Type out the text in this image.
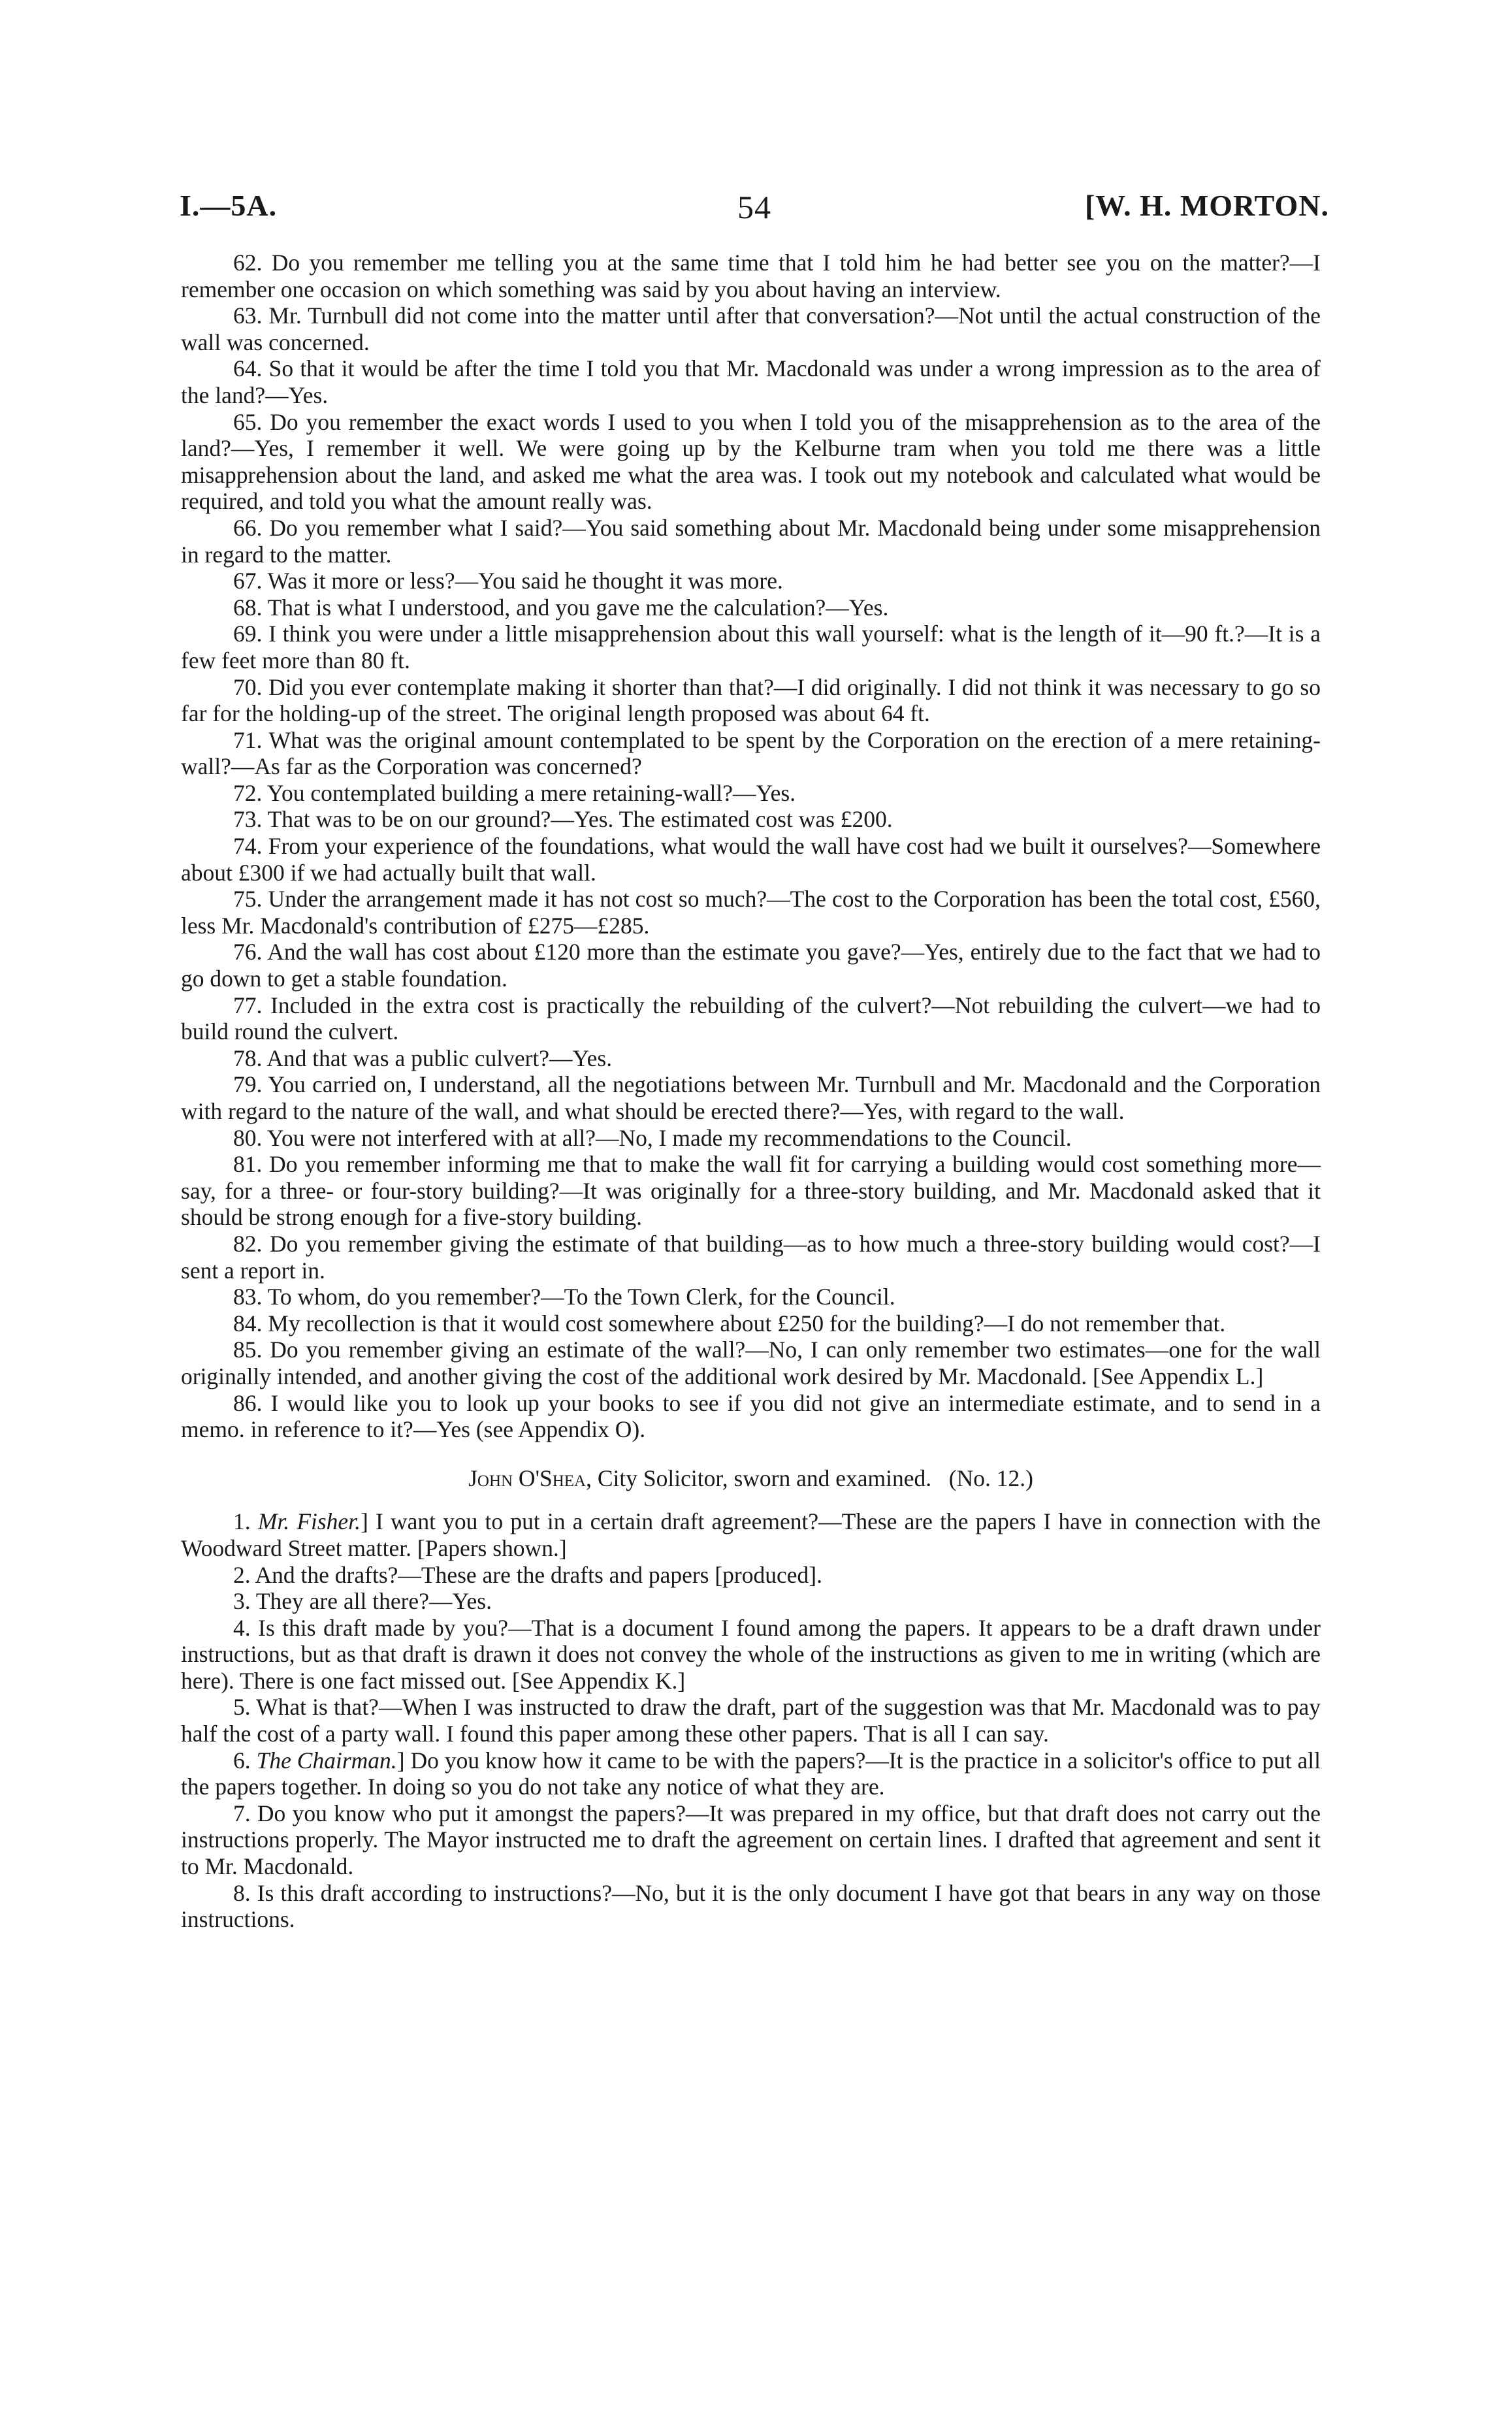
54
I.—5A.	[W. H. MORTON.

62. Do you remember me telling you at the same time that I told him he had better see you on the matter?—I remember one occasion on which something was said by you about having an interview.

63. Mr. Turnbull did not come into the matter until after that conversation?—Not until the actual construction of the wall was concerned.

64. So that it would be after the time I told you that Mr. Macdonald was under a wrong impression as to the area of the land?—Yes.

65. Do you remember the exact words I used to you when I told you of the misapprehension as to the area of the land?—Yes, I remember it well. We were going up by the Kelburne tram when you told me there was a little misapprehension about the land, and asked me what the area was. I took out my notebook and calculated what would be required, and told you what the amount really was.

66. Do you remember what I said?—You said something about Mr. Macdonald being under some misapprehension in regard to the matter.

67. Was it more or less?—You said he thought it was more.

68. That is what I understood, and you gave me the calculation?—Yes.

69. I think you were under a little misapprehension about this wall yourself: what is the length of it—90 ft.?—It is a few feet more than 80 ft.

70. Did you ever contemplate making it shorter than that?—I did originally. I did not think it was necessary to go so far for the holding-up of the street. The original length proposed was about 64 ft.

71. What was the original amount contemplated to be spent by the Corporation on the erection of a mere retaining-wall?—As far as the Corporation was concerned?

72. You contemplated building a mere retaining-wall?—Yes.

73. That was to be on our ground?—Yes. The estimated cost was £200.

74. From your experience of the foundations, what would the wall have cost had we built it ourselves?—Somewhere about £300 if we had actually built that wall.

75. Under the arrangement made it has not cost so much?—The cost to the Corporation has been the total cost, £560, less Mr. Macdonald's contribution of £275—£285.

76. And the wall has cost about £120 more than the estimate you gave?—Yes, entirely due to the fact that we had to go down to get a stable foundation.

77. Included in the extra cost is practically the rebuilding of the culvert?—Not rebuilding the culvert—we had to build round the culvert.

78. And that was a public culvert?—Yes.

79. You carried on, I understand, all the negotiations between Mr. Turnbull and Mr. Macdonald and the Corporation with regard to the nature of the wall, and what should be erected there?—Yes, with regard to the wall.

80. You were not interfered with at all?—No, I made my recommendations to the Council.

81. Do you remember informing me that to make the wall fit for carrying a building would cost something more—say, for a three- or four-story building?—It was originally for a three-story building, and Mr. Macdonald asked that it should be strong enough for a five-story building.

82. Do you remember giving the estimate of that building—as to how much a three-story building would cost?—I sent a report in.

83. To whom, do you remember?—To the Town Clerk, for the Council.

84. My recollection is that it would cost somewhere about £250 for the building?—I do not remember that.

85. Do you remember giving an estimate of the wall?—No, I can only remember two estimates—one for the wall originally intended, and another giving the cost of the additional work desired by Mr. Macdonald. [See Appendix L.]

86. I would like you to look up your books to see if you did not give an intermediate estimate, and to send in a memo. in reference to it?—Yes (see Appendix O).

John O'Shea, City Solicitor, sworn and examined. (No. 12.)

1. Mr. Fisher.] I want you to put in a certain draft agreement?—These are the papers I have in connection with the Woodward Street matter. [Papers shown.]

2. And the drafts?—These are the drafts and papers [produced].

3. They are all there?—Yes.

4. Is this draft made by you?—That is a document I found among the papers. It appears to be a draft drawn under instructions, but as that draft is drawn it does not convey the whole of the instructions as given to me in writing (which are here). There is one fact missed out. [See Appendix K.]

5. What is that?—When I was instructed to draw the draft, part of the suggestion was that Mr. Macdonald was to pay half the cost of a party wall. I found this paper among these other papers. That is all I can say.

6. The Chairman.] Do you know how it came to be with the papers?—It is the practice in a solicitor's office to put all the papers together. In doing so you do not take any notice of what they are.

7. Do you know who put it amongst the papers?—It was prepared in my office, but that draft does not carry out the instructions properly. The Mayor instructed me to draft the agreement on certain lines. I drafted that agreement and sent it to Mr. Macdonald.

8. Is this draft according to instructions?—No, but it is the only document I have got that bears in any way on those instructions.
